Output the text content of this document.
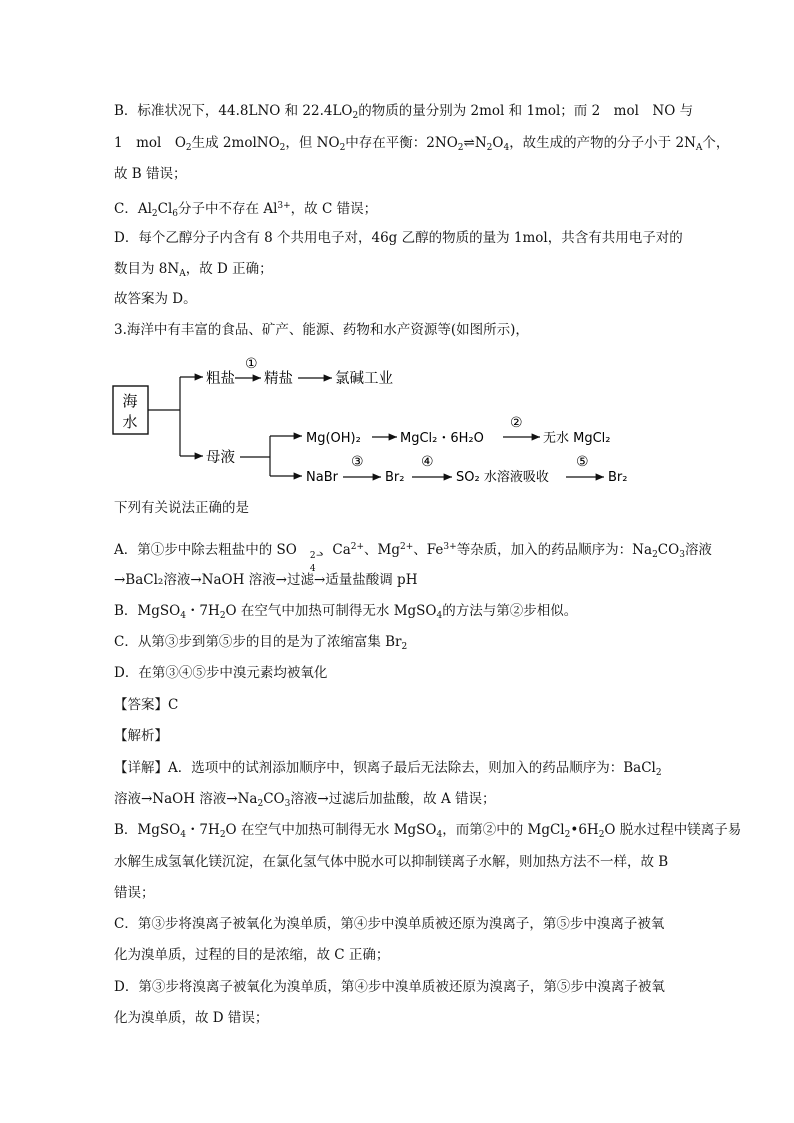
B．标准状况下，44.8LNO 和 $22.4LO_2$的物质的量分别为 2mol 和 1mol；而 2　mol　NO 与
1　mol　$O_2$生成 2molNO$_2$，但 $NO_2$中存在平衡：$2NO_2\rightleftharpoons N_2O_4$，故生成的产物的分子小于 $2N_A$个，
故 B 错误；
C．$Al_2Cl_6$分子中不存在 $Al^{3+}$，故 C 错误；
D．每个乙醇分子内含有 8 个共用电子对，46g 乙醇的物质的量为 1mol，共含有共用电子对的
数目为 $8N_A$，故 D 正确；
故答案为 D。
3.海洋中有丰富的食品、矿产、能源、药物和水产资源等(如图所示)，
海
水
粗盐
①
精盐	氯碱工业
母液
Mg(OH)₂	MgCl₂・6H₂O
②
无水 MgCl₂
NaBr
③
Br₂
④
SO₂ 水溶液吸收
⑤
Br₂
下列有关说法正确的是
A．第①步中除去粗盐中的 SO 2−
4
、$Ca^{2+}$、$Mg^{2+}$、$Fe^{3+}$等杂质，加入的药品顺序为：$Na_2CO_3$溶液
→BaCl₂溶液→NaOH 溶液→过滤→适量盐酸调 pH
B．MgSO$_4$・$7H_2O$ 在空气中加热可制得无水 MgSO$_4$的方法与第②步相似。
C．从第③步到第⑤步的目的是为了浓缩富集 $Br_2$
D．在第③④⑤步中溴元素均被氧化
【答案】C
【解析】
【详解】A．选项中的试剂添加顺序中，钡离子最后无法除去，则加入的药品顺序为：BaCl$_2$
溶液→NaOH 溶液$\to Na_2CO_3$溶液→过滤后加盐酸，故 A 错误；
B．MgSO$_4$・$7H_2O$ 在空气中加热可制得无水 MgSO$_4$，而第②中的 $MgCl_2•6H_2O$ 脱水过程中镁离子易
水解生成氢氧化镁沉淀，在氯化氢气体中脱水可以抑制镁离子水解，则加热方法不一样，故 B
错误；
C．第③步将溴离子被氧化为溴单质，第④步中溴单质被还原为溴离子，第⑤步中溴离子被氧
化为溴单质，过程的目的是浓缩，故 C 正确；
D．第③步将溴离子被氧化为溴单质，第④步中溴单质被还原为溴离子，第⑤步中溴离子被氧
化为溴单质，故 D 错误；
